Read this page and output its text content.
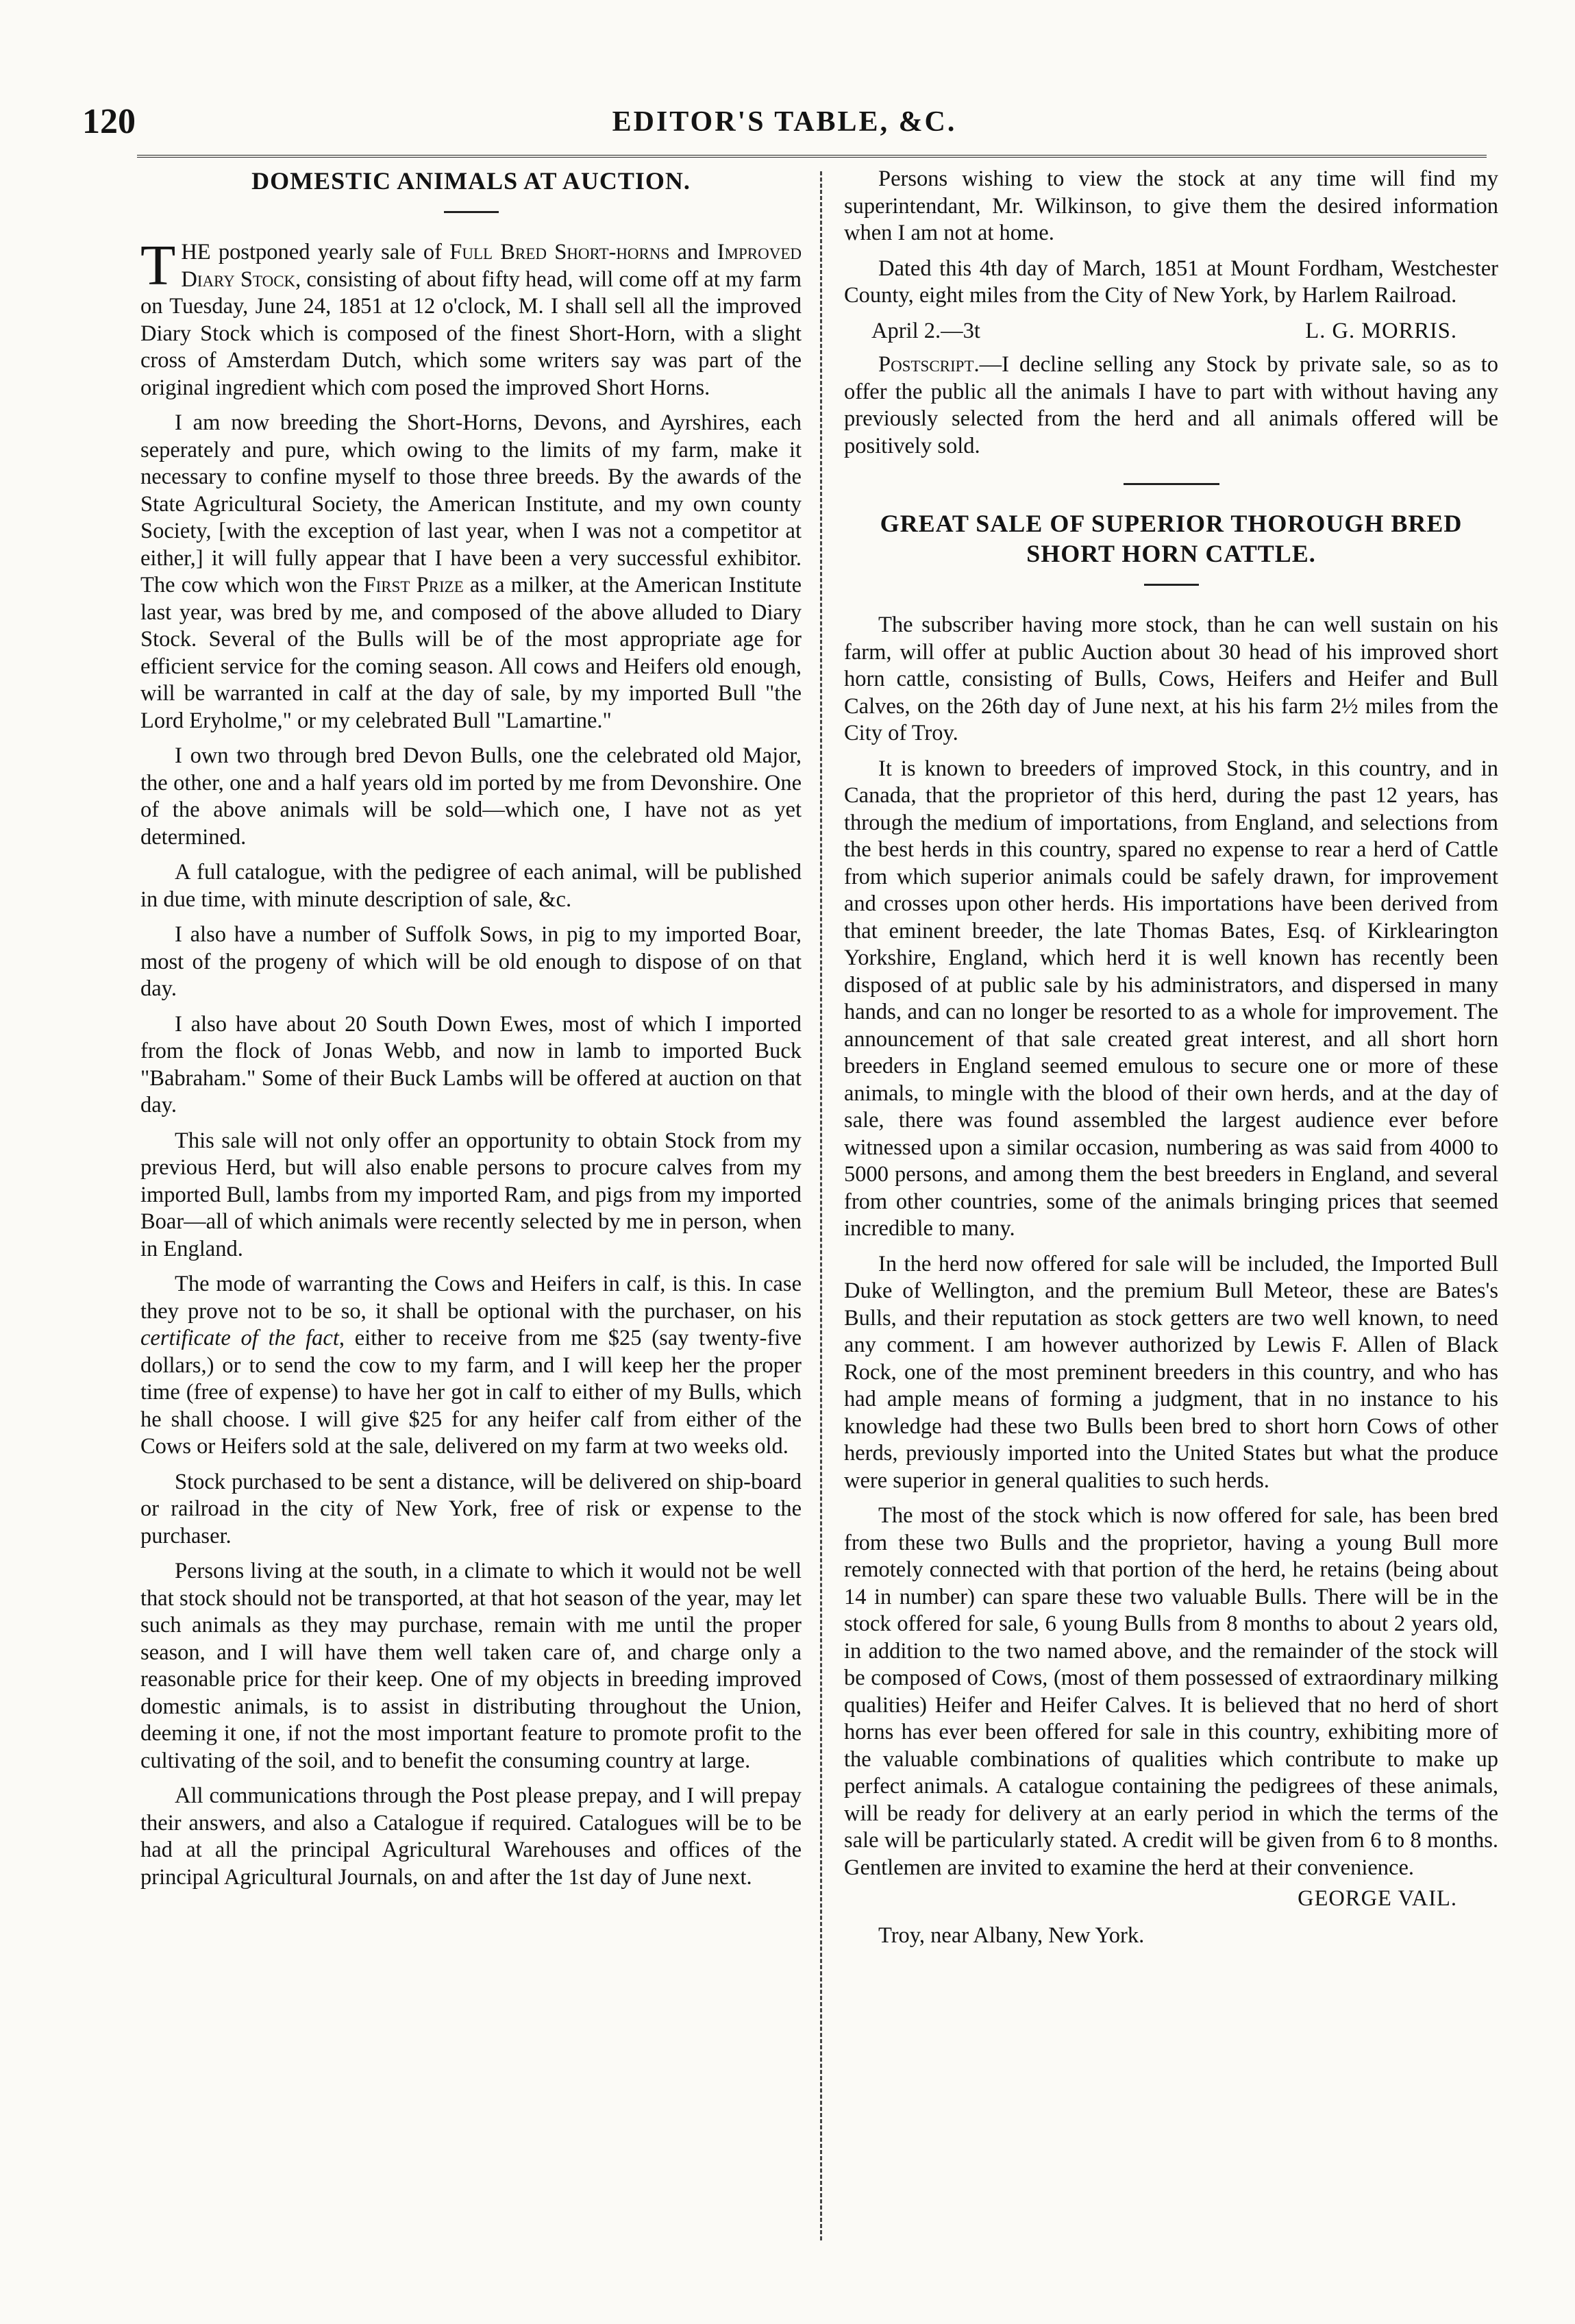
120	EDITOR'S TABLE, &C.
DOMESTIC ANIMALS AT AUCTION.

THE postponed yearly sale of Full Bred Short-horns and Improved Diary Stock, consisting of about fifty head, will come off at my farm on Tuesday, June 24, 1851 at 12 o'clock, M. I shall sell all the improved Diary Stock which is composed of the finest Short-Horn, with a slight cross of Amsterdam Dutch, which some writers say was part of the original ingredient which com posed the improved Short Horns.

I am now breeding the Short-Horns, Devons, and Ayrshires, each seperately and pure, which owing to the limits of my farm, make it necessary to confine myself to those three breeds. By the awards of the State Agricultural Society, the American Institute, and my own county Society, [with the exception of last year, when I was not a competitor at either,] it will fully appear that I have been a very successful exhibitor. The cow which won the First Prize as a milker, at the American Institute last year, was bred by me, and composed of the above alluded to Diary Stock. Several of the Bulls will be of the most appropriate age for efficient service for the coming season. All cows and Heifers old enough, will be warranted in calf at the day of sale, by my imported Bull "the Lord Eryholme," or my celebrated Bull "Lamartine."

I own two through bred Devon Bulls, one the celebrated old Major, the other, one and a half years old im ported by me from Devonshire. One of the above animals will be sold—which one, I have not as yet determined.

A full catalogue, with the pedigree of each animal, will be published in due time, with minute description of sale, &c.

I also have a number of Suffolk Sows, in pig to my imported Boar, most of the progeny of which will be old enough to dispose of on that day.

I also have about 20 South Down Ewes, most of which I imported from the flock of Jonas Webb, and now in lamb to imported Buck "Babraham." Some of their Buck Lambs will be offered at auction on that day.

This sale will not only offer an opportunity to obtain Stock from my previous Herd, but will also enable persons to procure calves from my imported Bull, lambs from my imported Ram, and pigs from my imported Boar—all of which animals were recently selected by me in person, when in England.

The mode of warranting the Cows and Heifers in calf, is this. In case they prove not to be so, it shall be optional with the purchaser, on his certificate of the fact, either to receive from me $25 (say twenty-five dollars,) or to send the cow to my farm, and I will keep her the proper time (free of expense) to have her got in calf to either of my Bulls, which he shall choose. I will give $25 for any heifer calf from either of the Cows or Heifers sold at the sale, delivered on my farm at two weeks old.

Stock purchased to be sent a distance, will be delivered on ship-board or railroad in the city of New York, free of risk or expense to the purchaser.

Persons living at the south, in a climate to which it would not be well that stock should not be transported, at that hot season of the year, may let such animals as they may purchase, remain with me until the proper season, and I will have them well taken care of, and charge only a reasonable price for their keep. One of my objects in breeding improved domestic animals, is to assist in distributing throughout the Union, deeming it one, if not the most important feature to promote profit to the cultivating of the soil, and to benefit the consuming country at large.

All communications through the Post please prepay, and I will prepay their answers, and also a Catalogue if required. Catalogues will be to be had at all the principal Agricultural Warehouses and offices of the principal Agricultural Journals, on and after the 1st day of June next.

Persons wishing to view the stock at any time will find my superintendant, Mr. Wilkinson, to give them the desired information when I am not at home.

Dated this 4th day of March, 1851 at Mount Fordham, Westchester County, eight miles from the City of New York, by Harlem Railroad.

April 2.—3t	L. G. MORRIS.

Postscript.—I decline selling any Stock by private sale, so as to offer the public all the animals I have to part with without having any previously selected from the herd and all animals offered will be positively sold.

GREAT SALE OF SUPERIOR THOROUGH BRED SHORT HORN CATTLE.

The subscriber having more stock, than he can well sustain on his farm, will offer at public Auction about 30 head of his improved short horn cattle, consisting of Bulls, Cows, Heifers and Heifer and Bull Calves, on the 26th day of June next, at his his farm 2½ miles from the City of Troy.

It is known to breeders of improved Stock, in this country, and in Canada, that the proprietor of this herd, during the past 12 years, has through the medium of importations, from England, and selections from the best herds in this country, spared no expense to rear a herd of Cattle from which superior animals could be safely drawn, for improvement and crosses upon other herds. His importations have been derived from that eminent breeder, the late Thomas Bates, Esq. of Kirklearington Yorkshire, England, which herd it is well known has recently been disposed of at public sale by his administrators, and dispersed in many hands, and can no longer be resorted to as a whole for improvement. The announcement of that sale created great interest, and all short horn breeders in England seemed emulous to secure one or more of these animals, to mingle with the blood of their own herds, and at the day of sale, there was found assembled the largest audience ever before witnessed upon a similar occasion, numbering as was said from 4000 to 5000 persons, and among them the best breeders in England, and several from other countries, some of the animals bringing prices that seemed incredible to many.

In the herd now offered for sale will be included, the Imported Bull Duke of Wellington, and the premium Bull Meteor, these are Bates's Bulls, and their reputation as stock getters are two well known, to need any comment. I am however authorized by Lewis F. Allen of Black Rock, one of the most preminent breeders in this country, and who has had ample means of forming a judgment, that in no instance to his knowledge had these two Bulls been bred to short horn Cows of other herds, previously imported into the United States but what the produce were superior in general qualities to such herds.

The most of the stock which is now offered for sale, has been bred from these two Bulls and the proprietor, having a young Bull more remotely connected with that portion of the herd, he retains (being about 14 in number) can spare these two valuable Bulls. There will be in the stock offered for sale, 6 young Bulls from 8 months to about 2 years old, in addition to the two named above, and the remainder of the stock will be composed of Cows, (most of them possessed of extraordinary milking qualities) Heifer and Heifer Calves. It is believed that no herd of short horns has ever been offered for sale in this country, exhibiting more of the valuable combinations of qualities which contribute to make up perfect animals. A catalogue containing the pedigrees of these animals, will be ready for delivery at an early period in which the terms of the sale will be particularly stated. A credit will be given from 6 to 8 months. Gentlemen are invited to examine the herd at their convenience.

GEORGE VAIL.

Troy, near Albany, New York.
